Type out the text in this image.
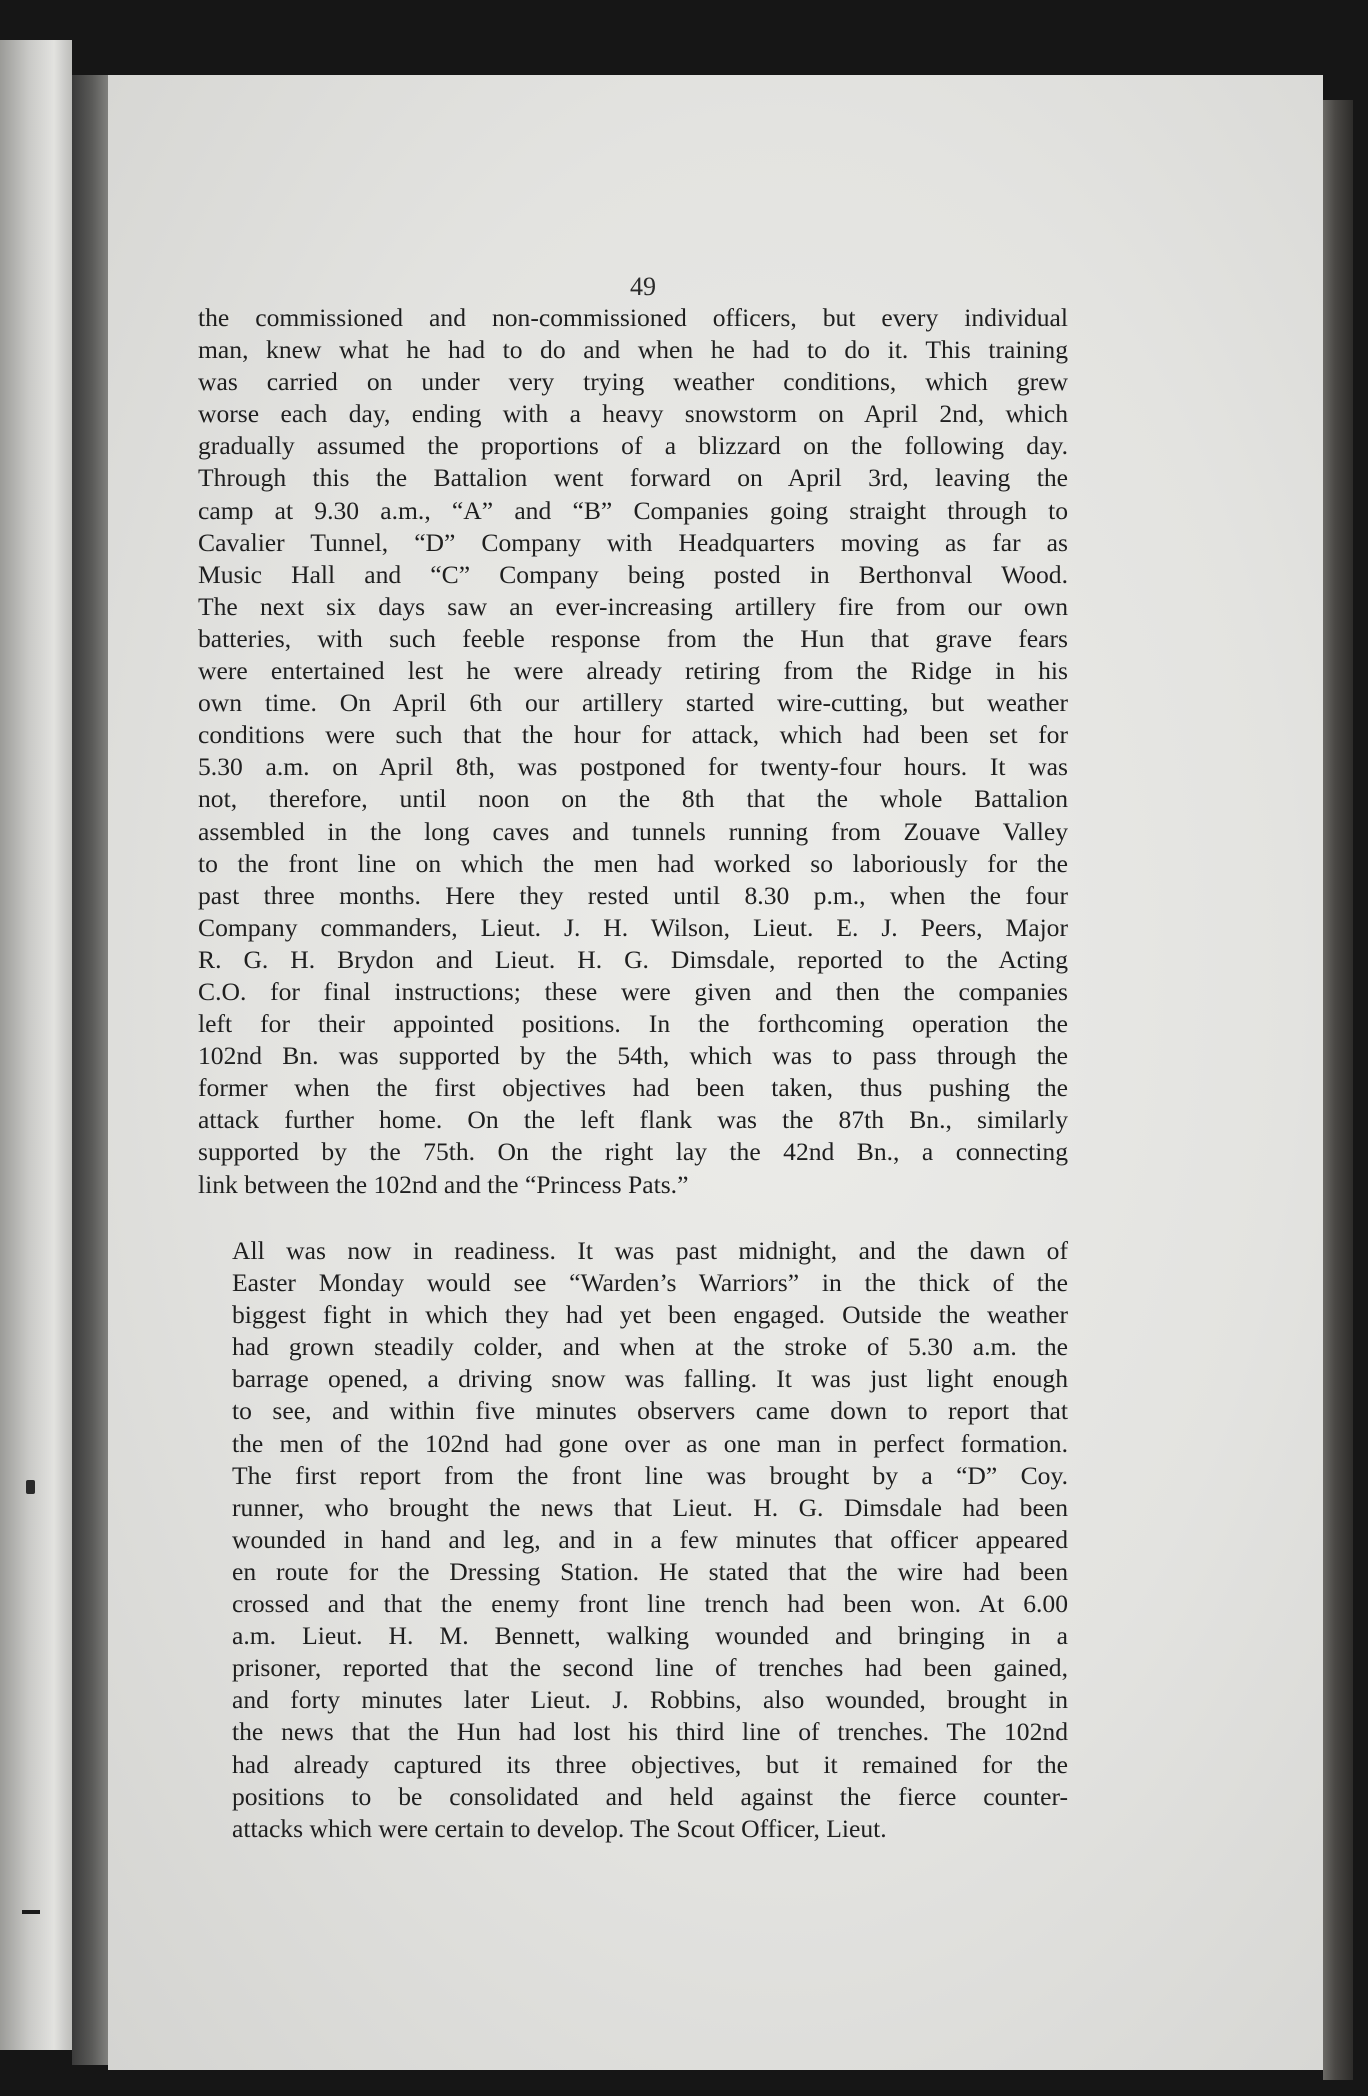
49
the commissioned and non-commissioned officers, but every individual
man, knew what he had to do and when he had to do it. This training
was carried on under very trying weather conditions, which grew
worse each day, ending with a heavy snowstorm on April 2nd, which
gradually assumed the proportions of a blizzard on the following day.
Through this the Battalion went forward on April 3rd, leaving the
camp at 9.30 a.m., “A” and “B” Companies going straight through to
Cavalier Tunnel, “D” Company with Headquarters moving as far as
Music Hall and “C” Company being posted in Berthonval Wood.
The next six days saw an ever-increasing artillery fire from our own
batteries, with such feeble response from the Hun that grave fears
were entertained lest he were already retiring from the Ridge in his
own time. On April 6th our artillery started wire-cutting, but weather
conditions were such that the hour for attack, which had been set for
5.30 a.m. on April 8th, was postponed for twenty-four hours. It was
not, therefore, until noon on the 8th that the whole Battalion
assembled in the long caves and tunnels running from Zouave Valley
to the front line on which the men had worked so laboriously for the
past three months. Here they rested until 8.30 p.m., when the four
Company commanders, Lieut. J. H. Wilson, Lieut. E. J. Peers, Major
R. G. H. Brydon and Lieut. H. G. Dimsdale, reported to the Acting
C.O. for final instructions; these were given and then the companies
left for their appointed positions. In the forthcoming operation the
102nd Bn. was supported by the 54th, which was to pass through the
former when the first objectives had been taken, thus pushing the
attack further home. On the left flank was the 87th Bn., similarly
supported by the 75th. On the right lay the 42nd Bn., a connecting
link between the 102nd and the “Princess Pats.”
All was now in readiness. It was past midnight, and the dawn of
Easter Monday would see “Warden’s Warriors” in the thick of the
biggest fight in which they had yet been engaged. Outside the weather
had grown steadily colder, and when at the stroke of 5.30 a.m. the
barrage opened, a driving snow was falling. It was just light enough
to see, and within five minutes observers came down to report that
the men of the 102nd had gone over as one man in perfect formation.
The first report from the front line was brought by a “D” Coy.
runner, who brought the news that Lieut. H. G. Dimsdale had been
wounded in hand and leg, and in a few minutes that officer appeared
en route for the Dressing Station. He stated that the wire had been
crossed and that the enemy front line trench had been won. At 6.00
a.m. Lieut. H. M. Bennett, walking wounded and bringing in a
prisoner, reported that the second line of trenches had been gained,
and forty minutes later Lieut. J. Robbins, also wounded, brought in
the news that the Hun had lost his third line of trenches. The 102nd
had already captured its three objectives, but it remained for the
positions to be consolidated and held against the fierce counter-
attacks which were certain to develop. The Scout Officer, Lieut.
